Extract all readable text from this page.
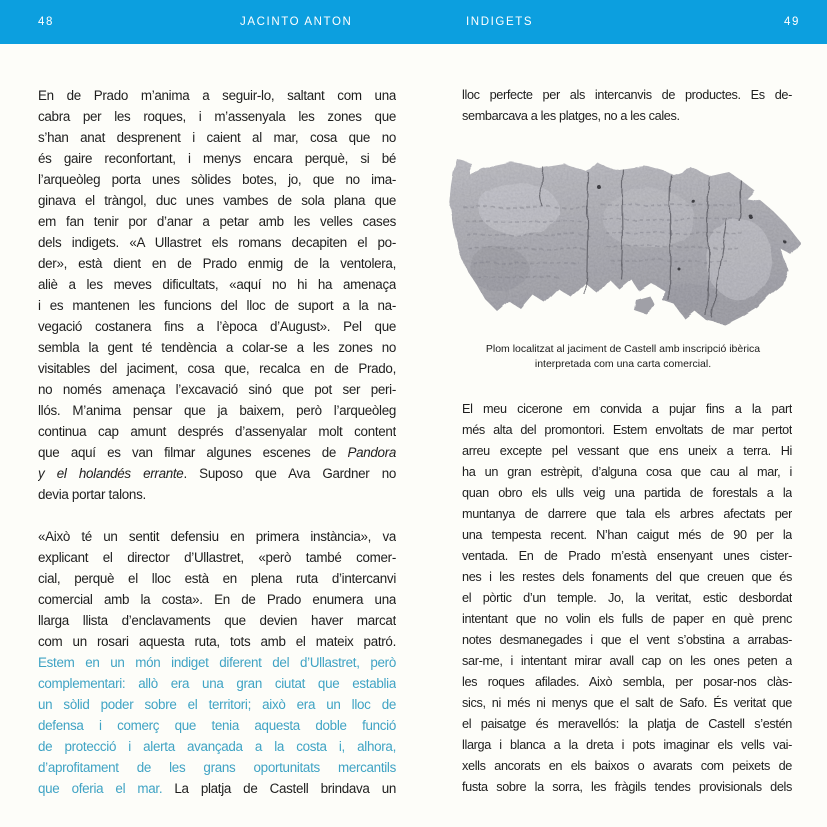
48	JACINTO ANTON	INDIGETS	49
En de Prado m’anima a seguir-lo, saltant com una
cabra per les roques, i m’assenyala les zones que
s’han anat desprenent i caient al mar, cosa que no
és gaire reconfortant, i menys encara perquè, si bé
l’arqueòleg porta unes sòlides botes, jo, que no ima-
ginava el tràngol, duc unes vambes de sola plana que
em fan tenir por d’anar a petar amb les velles cases
dels indigets. «A Ullastret els romans decapiten el po-
der», està dient en de Prado enmig de la ventolera,
aliè a les meves dificultats, «aquí no hi ha amenaça
i es mantenen les funcions del lloc de suport a la na-
vegació costanera fins a l’època d’August». Pel que
sembla la gent té tendència a colar-se a les zones no
visitables del jaciment, cosa que, recalca en de Prado,
no només amenaça l’excavació sinó que pot ser peri-
llós. M’anima pensar que ja baixem, però l’arqueòleg
continua cap amunt després d’assenyalar molt content
que aquí es van filmar algunes escenes de Pandora
y el holandés errante. Suposo que Ava Gardner no
devia portar talons.
«Això té un sentit defensiu en primera instància», va
explicant el director d’Ullastret, «però també comer-
cial, perquè el lloc està en plena ruta d’intercanvi
comercial amb la costa». En de Prado enumera una
llarga llista d’enclavaments que devien haver marcat
com un rosari aquesta ruta, tots amb el mateix patró.
Estem en un món indiget diferent del d’Ullastret, però
complementari: allò era una gran ciutat que establia
un sòlid poder sobre el territori; això era un lloc de
defensa i comerç que tenia aquesta doble funció
de protecció i alerta avançada a la costa i, alhora,
d’aprofitament de les grans oportunitats mercantils
que oferia el mar. La platja de Castell brindava un
lloc perfecte per als intercanvis de productes. Es de-
sembarcava a les platges, no a les cales.
Plom localitzat al jaciment de Castell amb inscripció ibèrica
interpretada com una carta comercial.
El meu cicerone em convida a pujar fins a la part
més alta del promontori. Estem envoltats de mar pertot
arreu excepte pel vessant que ens uneix a terra. Hi
ha un gran estrèpit, d’alguna cosa que cau al mar, i
quan obro els ulls veig una partida de forestals a la
muntanya de darrere que tala els arbres afectats per
una tempesta recent. N’han caigut més de 90 per la
ventada. En de Prado m’està ensenyant unes cister-
nes i les restes dels fonaments del que creuen que és
el pòrtic d’un temple. Jo, la veritat, estic desbordat
intentant que no volin els fulls de paper en què prenc
notes desmanegades i que el vent s’obstina a arrabas-
sar-me, i intentant mirar avall cap on les ones peten a
les roques afilades. Això sembla, per posar-nos clàs-
sics, ni més ni menys que el salt de Safo. És veritat que
el paisatge és meravellós: la platja de Castell s’estén
llarga i blanca a la dreta i pots imaginar els vells vai-
xells ancorats en els baixos o avarats com peixets de
fusta sobre la sorra, les fràgils tendes provisionals dels
